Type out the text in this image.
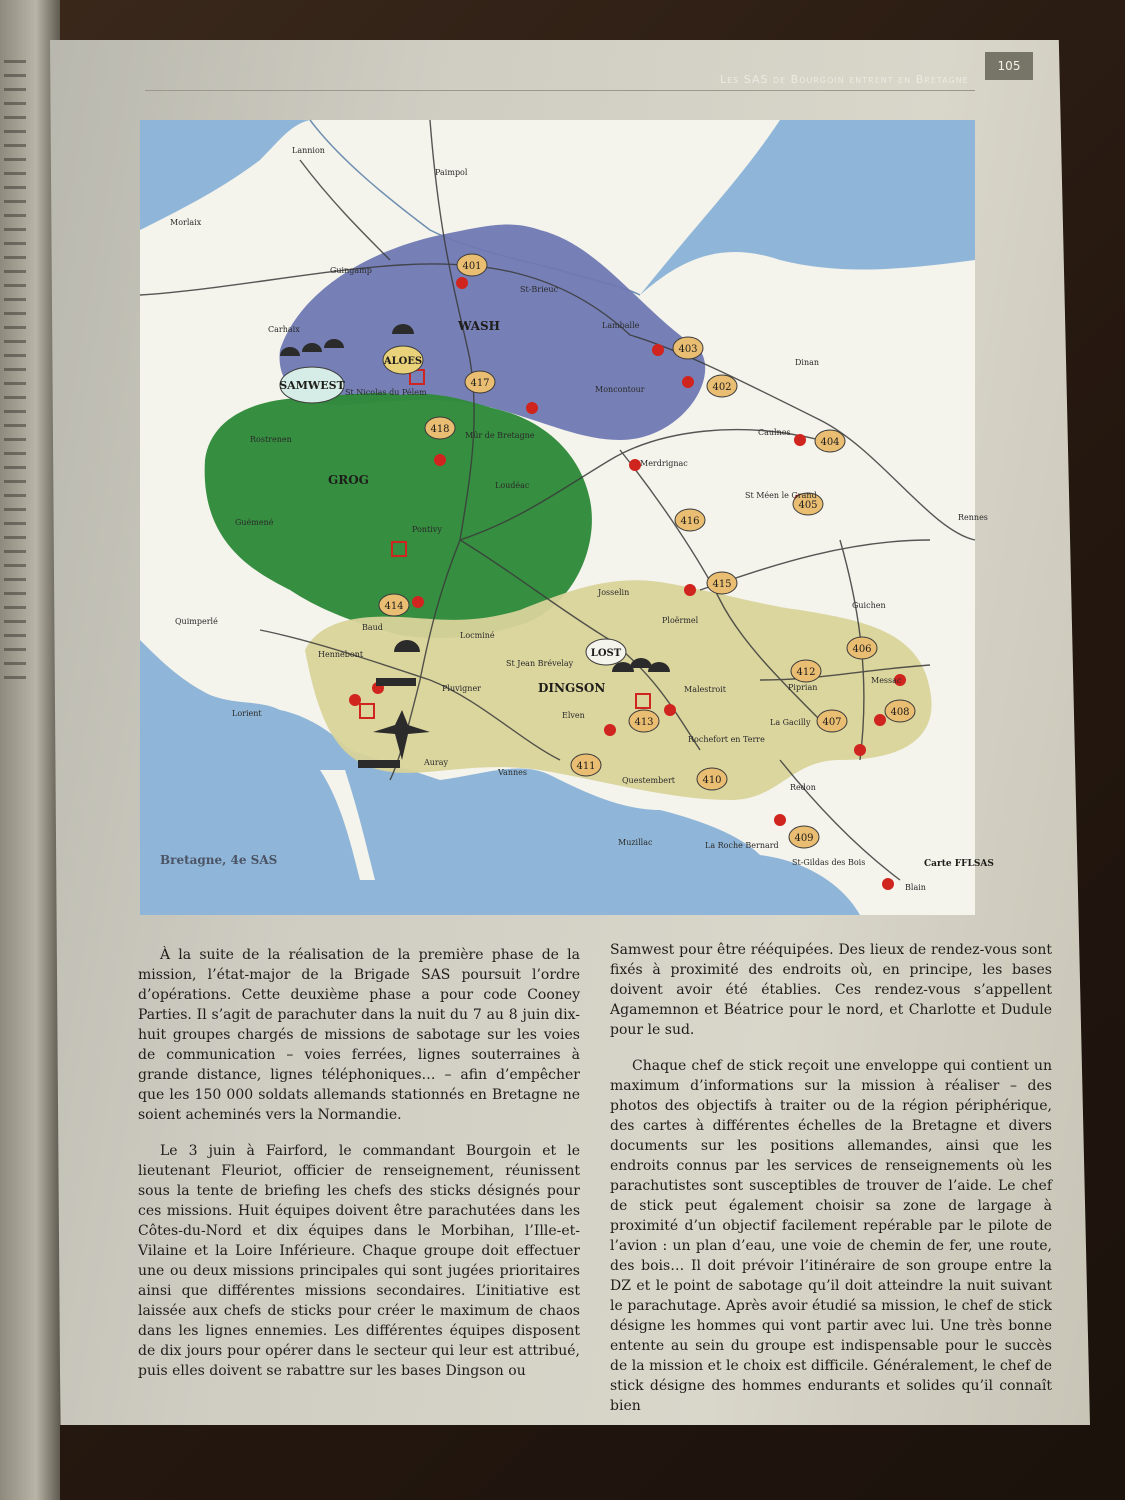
Les SAS de Bourgoin entrent en Bretagne
105
401
403
402
404
405
416
415
417
418
414
406
412
407
408
413
411
410
409
SAMWEST
ALOES
LOST
WASH
GROG
DINGSON
Lannion
Paimpol
Morlaix
Guingamp
St-Brieuc
Lamballe
Carhaix
St Nicolas du Pélem	Moncontour
Dinan
Mûr de Bretagne
Loudéac
Merdrignac
Caulnes
St Méen le Grand
Rennes
Rostrenen
Guémené
Pontivy
Baud
Josselin
Ploërmel
Guichen
Quimperlé
Hennebont
Locminé
St Jean Brévelay
Lorient
Pluvigner	Malestroit
Elven
Piprian
Messac
La Gacilly
Auray
Vannes
Rochefort en Terre
Questembert
Redon
Muzillac	La Roche Bernard
St-Gildas des Bois
Blain
Bretagne, 4e SAS	Carte FFLSAS

À la suite de la réalisation de la première phase de la mission, l’état-major de la Brigade SAS poursuit l’ordre d’opérations. Cette deuxième phase a pour code Cooney Parties. Il s’agit de parachuter dans la nuit du 7 au 8 juin dix-huit groupes chargés de missions de sabotage sur les voies de communication – voies ferrées, lignes souterraines à grande distance, lignes téléphoniques… – afin d’empêcher que les 150 000 soldats allemands stationnés en Bretagne ne soient acheminés vers la Normandie.

Le 3 juin à Fairford, le commandant Bourgoin et le lieutenant Fleuriot, officier de renseignement, réunissent sous la tente de briefing les chefs des sticks désignés pour ces missions. Huit équipes doivent être parachutées dans les Côtes-du-Nord et dix équipes dans le Morbihan, l’Ille-et-Vilaine et la Loire Inférieure. Chaque groupe doit effectuer une ou deux missions principales qui sont jugées prioritaires ainsi que différentes missions secondaires. L’initiative est laissée aux chefs de sticks pour créer le maximum de chaos dans les lignes ennemies. Les différentes équipes disposent de dix jours pour opérer dans le secteur qui leur est attribué, puis elles doivent se rabattre sur les bases Dingson ou

Samwest pour être rééquipées. Des lieux de rendez-vous sont fixés à proximité des endroits où, en principe, les bases doivent avoir été établies. Ces rendez-vous s’appellent Agamemnon et Béatrice pour le nord, et Charlotte et Dudule pour le sud.

Chaque chef de stick reçoit une enveloppe qui contient un maximum d’informations sur la mission à réaliser – des photos des objectifs à traiter ou de la région périphérique, des cartes à différentes échelles de la Bretagne et divers documents sur les positions allemandes, ainsi que les endroits connus par les services de renseignements où les parachutistes sont susceptibles de trouver de l’aide. Le chef de stick peut également choisir sa zone de largage à proximité d’un objectif facilement repérable par le pilote de l’avion : un plan d’eau, une voie de chemin de fer, une route, des bois… Il doit prévoir l’itinéraire de son groupe entre la DZ et le point de sabotage qu’il doit atteindre la nuit suivant le parachutage. Après avoir étudié sa mission, le chef de stick désigne les hommes qui vont partir avec lui. Une très bonne entente au sein du groupe est indispensable pour le succès de la mission et le choix est difficile. Généralement, le chef de stick désigne des hommes endurants et solides qu’il connaît bien
